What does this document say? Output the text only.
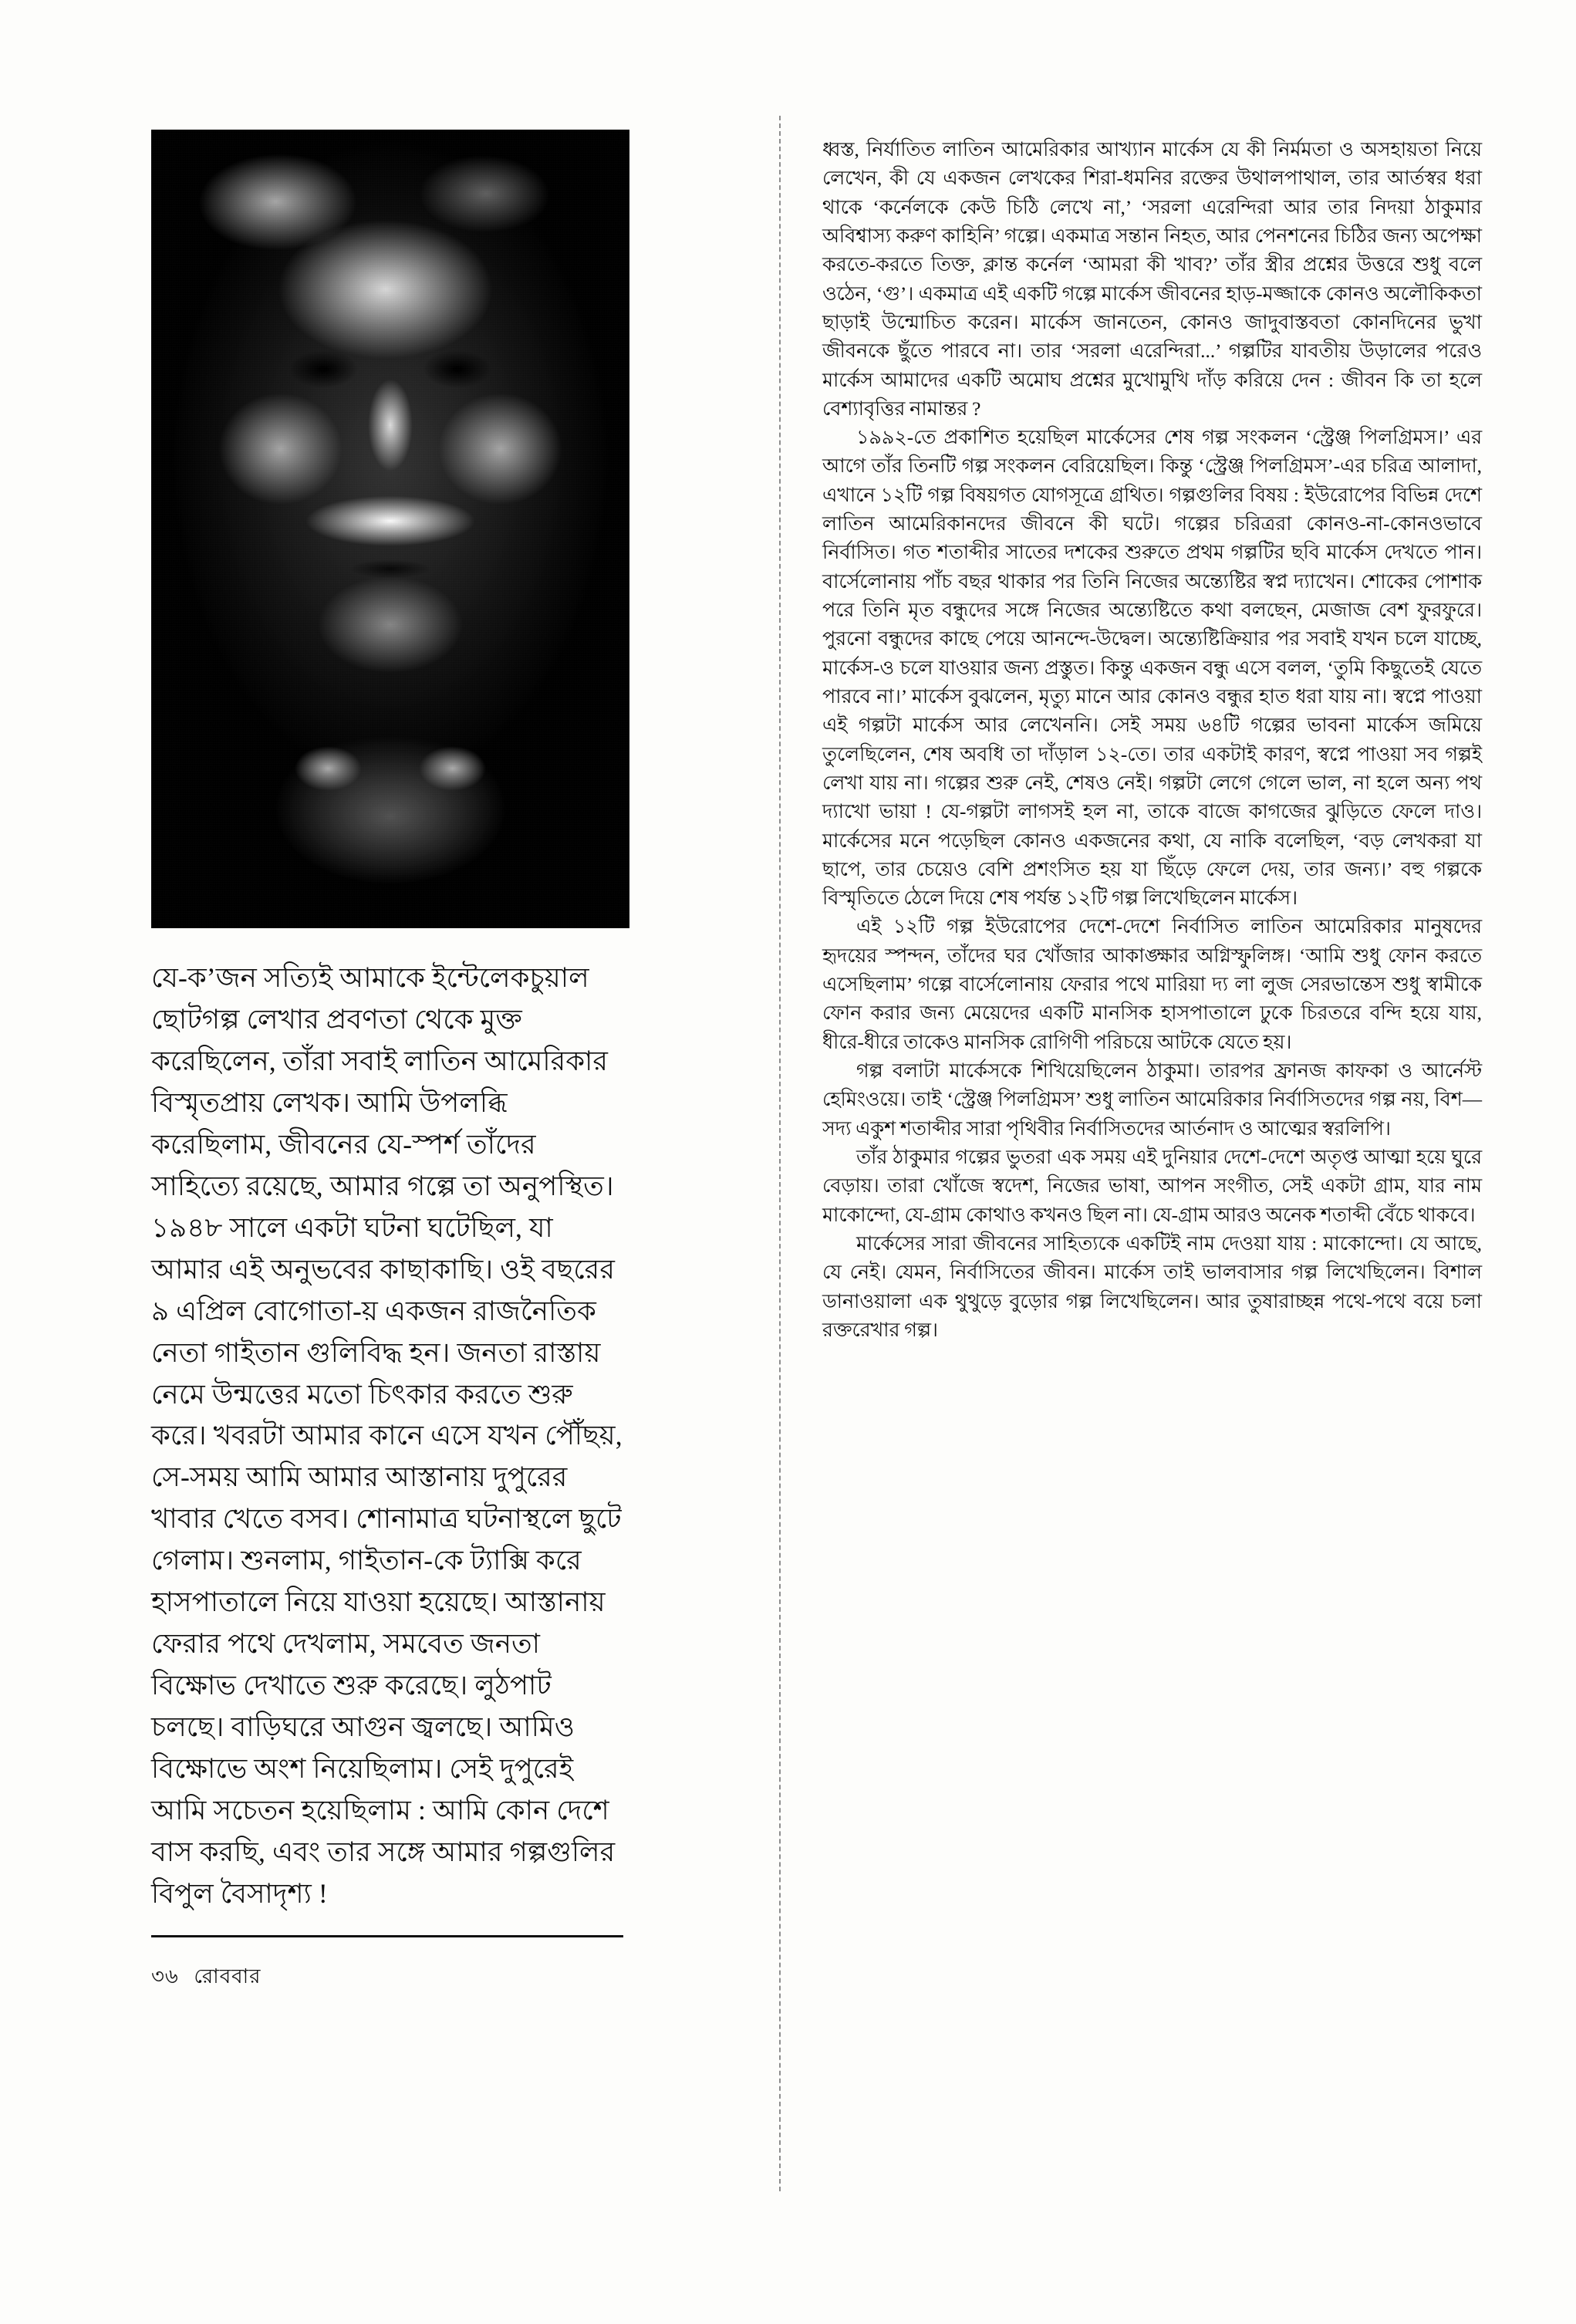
যে-ক’জন সত্যিই আমাকে ইন্টেলেকচুয়াল ছোটগল্প লেখার প্রবণতা থেকে মুক্ত করেছিলেন, তাঁরা সবাই লাতিন আমেরিকার বিস্মৃতপ্রায় লেখক। আমি উপলব্ধি করেছিলাম, জীবনের যে-স্পর্শ তাঁদের সাহিত্যে রয়েছে, আমার গল্পে তা অনুপস্থিত। ১৯৪৮ সালে একটা ঘটনা ঘটেছিল, যা আমার এই অনুভবের কাছাকাছি। ওই বছরের ৯ এপ্রিল বোগোতা-য় একজন রাজনৈতিক নেতা গাইতান গুলিবিদ্ধ হন। জনতা রাস্তায় নেমে উন্মত্তের মতো চিৎকার করতে শুরু করে। খবরটা আমার কানে এসে যখন পৌঁছয়, সে-সময় আমি আমার আস্তানায় দুপুরের খাবার খেতে বসব। শোনামাত্র ঘটনাস্থলে ছুটে গেলাম। শুনলাম, গাইতান-কে ট্যাক্সি করে হাসপাতালে নিয়ে যাওয়া হয়েছে। আস্তানায় ফেরার পথে দেখলাম, সমবেত জনতা বিক্ষোভ দেখাতে শুরু করেছে। লুঠপাট চলছে। বাড়িঘরে আগুন জ্বলছে। আমিও বিক্ষোভে অংশ নিয়েছিলাম। সেই দুপুরেই আমি সচেতন হয়েছিলাম : আমি কোন দেশে বাস করছি, এবং তার সঙ্গে আমার গল্পগুলির বিপুল বৈসাদৃশ্য !
৩৬ রোববার

ধ্বস্ত, নির্যাতিত লাতিন আমেরিকার আখ্যান মার্কেস যে কী নির্মমতা ও অসহায়তা নিয়ে লেখেন, কী যে একজন লেখকের শিরা-ধমনির রক্তের উথালপাথাল, তার আর্তস্বর ধরা থাকে ‘কর্নেলকে কেউ চিঠি লেখে না,’ ‘সরলা এরেন্দিরা আর তার নিদয়া ঠাকুমার অবিশ্বাস্য করুণ কাহিনি’ গল্পে। একমাত্র সন্তান নিহত, আর পেনশনের চিঠির জন্য অপেক্ষা করতে-করতে তিক্ত, ক্লান্ত কর্নেল ‘আমরা কী খাব?’ তাঁর স্ত্রীর প্রশ্নের উত্তরে শুধু বলে ওঠেন, ‘গু’। একমাত্র এই একটি গল্পে মার্কেস জীবনের হাড়-মজ্জাকে কোনও অলৌকিকতা ছাড়াই উন্মোচিত করেন। মার্কেস জানতেন, কোনও জাদুবাস্তবতা কোনদিনের ভুখা জীবনকে ছুঁতে পারবে না। তার ‘সরলা এরেন্দিরা...’ গল্পটির যাবতীয় উড়ালের পরেও মার্কেস আমাদের একটি অমোঘ প্রশ্নের মুখোমুখি দাঁড় করিয়ে দেন : জীবন কি তা হলে বেশ্যাবৃত্তির নামান্তর ?

১৯৯২-তে প্রকাশিত হয়েছিল মার্কেসের শেষ গল্প সংকলন ‘স্ট্রেঞ্জ পিলগ্রিমস।’ এর আগে তাঁর তিনটি গল্প সংকলন বেরিয়েছিল। কিন্তু ‘স্ট্রেঞ্জ পিলগ্রিমস’-এর চরিত্র আলাদা, এখানে ১২টি গল্প বিষয়গত যোগসূত্রে গ্রথিত। গল্পগুলির বিষয় : ইউরোপের বিভিন্ন দেশে লাতিন আমেরিকানদের জীবনে কী ঘটে। গল্পের চরিত্ররা কোনও-না-কোনওভাবে নির্বাসিত। গত শতাব্দীর সাতের দশকের শুরুতে প্রথম গল্পটির ছবি মার্কেস দেখতে পান। বার্সেলোনায় পাঁচ বছর থাকার পর তিনি নিজের অন্ত্যেষ্টির স্বপ্ন দ্যাখেন। শোকের পোশাক পরে তিনি মৃত বন্ধুদের সঙ্গে নিজের অন্ত্যেষ্টিতে কথা বলছেন, মেজাজ বেশ ফুরফুরে। পুরনো বন্ধুদের কাছে পেয়ে আনন্দে-উদ্বেল। অন্ত্যেষ্টিক্রিয়ার পর সবাই যখন চলে যাচ্ছে, মার্কেস-ও চলে যাওয়ার জন্য প্রস্তুত। কিন্তু একজন বন্ধু এসে বলল, ‘তুমি কিছুতেই যেতে পারবে না।’ মার্কেস বুঝলেন, মৃত্যু মানে আর কোনও বন্ধুর হাত ধরা যায় না। স্বপ্নে পাওয়া এই গল্পটা মার্কেস আর লেখেননি। সেই সময় ৬৪টি গল্পের ভাবনা মার্কেস জমিয়ে তুলেছিলেন, শেষ অবধি তা দাঁড়াল ১২-তে। তার একটাই কারণ, স্বপ্নে পাওয়া সব গল্পই লেখা যায় না। গল্পের শুরু নেই, শেষও নেই। গল্পটা লেগে গেলে ভাল, না হলে অন্য পথ দ্যাখো ভায়া ! যে-গল্পটা লাগসই হল না, তাকে বাজে কাগজের ঝুড়িতে ফেলে দাও। মার্কেসের মনে পড়েছিল কোনও একজনের কথা, যে নাকি বলেছিল, ‘বড় লেখকরা যা ছাপে, তার চেয়েও বেশি প্রশংসিত হয় যা ছিঁড়ে ফেলে দেয়, তার জন্য।’ বহু গল্পকে বিস্মৃতিতে ঠেলে দিয়ে শেষ পর্যন্ত ১২টি গল্প লিখেছিলেন মার্কেস।

এই ১২টি গল্প ইউরোপের দেশে-দেশে নির্বাসিত লাতিন আমেরিকার মানুষদের হৃদয়ের স্পন্দন, তাঁদের ঘর খোঁজার আকাঙ্ক্ষার অগ্নিস্ফুলিঙ্গ। ‘আমি শুধু ফোন করতে এসেছিলাম’ গল্পে বার্সেলোনায় ফেরার পথে মারিয়া দ্য লা লুজ সেরভান্তেস শুধু স্বামীকে ফোন করার জন্য মেয়েদের একটি মানসিক হাসপাতালে ঢুকে চিরতরে বন্দি হয়ে যায়, ধীরে-ধীরে তাকেও মানসিক রোগিণী পরিচয়ে আটকে যেতে হয়।

গল্প বলাটা মার্কেসকে শিখিয়েছিলেন ঠাকুমা। তারপর ফ্রানজ কাফকা ও আর্নেস্ট হেমিংওয়ে। তাই ‘স্ট্রেঞ্জ পিলগ্রিমস’ শুধু লাতিন আমেরিকার নির্বাসিতদের গল্প নয়, বিশ—সদ্য একুশ শতাব্দীর সারা পৃথিবীর নির্বাসিতদের আর্তনাদ ও আত্মের স্বরলিপি।

তাঁর ঠাকুমার গল্পের ভুতরা এক সময় এই দুনিয়ার দেশে-দেশে অতৃপ্ত আত্মা হয়ে ঘুরে বেড়ায়। তারা খোঁজে স্বদেশ, নিজের ভাষা, আপন সংগীত, সেই একটা গ্রাম, যার নাম মাকোন্দো, যে-গ্রাম কোথাও কখনও ছিল না। যে-গ্রাম আরও অনেক শতাব্দী বেঁচে থাকবে।

মার্কেসের সারা জীবনের সাহিত্যকে একটিই নাম দেওয়া যায় : মাকোন্দো। যে আছে, যে নেই। যেমন, নির্বাসিতের জীবন। মার্কেস তাই ভালবাসার গল্প লিখেছিলেন। বিশাল ডানাওয়ালা এক থুথুড়ে বুড়োর গল্প লিখেছিলেন। আর তুষারাচ্ছন্ন পথে-পথে বয়ে চলা রক্তরেখার গল্প।
